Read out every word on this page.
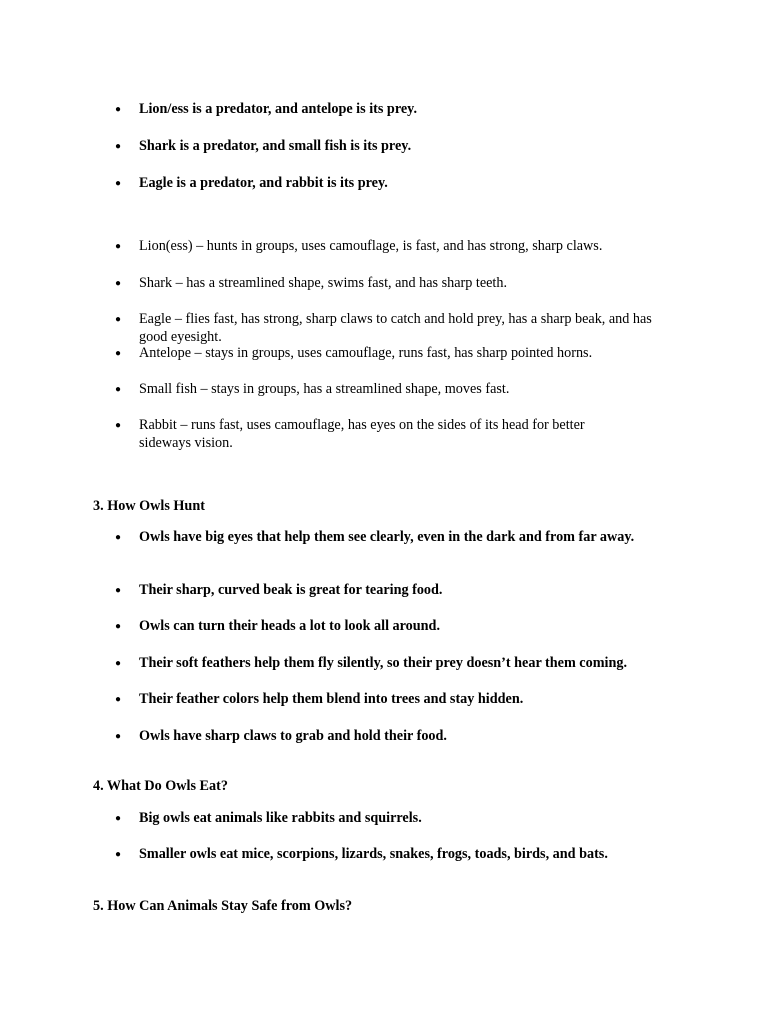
● Lion/ess is a predator, and antelope is its prey.
● Shark is a predator, and small fish is its prey.
● Eagle is a predator, and rabbit is its prey.
● Lion(ess) – hunts in groups, uses camouflage, is fast, and has strong, sharp claws.
● Shark – has a streamlined shape, swims fast, and has sharp teeth.
● Eagle – flies fast, has strong, sharp claws to catch and hold prey, has a sharp beak, and has good eyesight.
● Antelope – stays in groups, uses camouflage, runs fast, has sharp pointed horns.
● Small fish – stays in groups, has a streamlined shape, moves fast.
● Rabbit – runs fast, uses camouflage, has eyes on the sides of its head for better sideways vision.
3. How Owls Hunt
● Owls have big eyes that help them see clearly, even in the dark and from far away.
● Their sharp, curved beak is great for tearing food.
● Owls can turn their heads a lot to look all around.
● Their soft feathers help them fly silently, so their prey doesn’t hear them coming.
● Their feather colors help them blend into trees and stay hidden.
● Owls have sharp claws to grab and hold their food.
4. What Do Owls Eat?
● Big owls eat animals like rabbits and squirrels.
● Smaller owls eat mice, scorpions, lizards, snakes, frogs, toads, birds, and bats.
5. How Can Animals Stay Safe from Owls?
